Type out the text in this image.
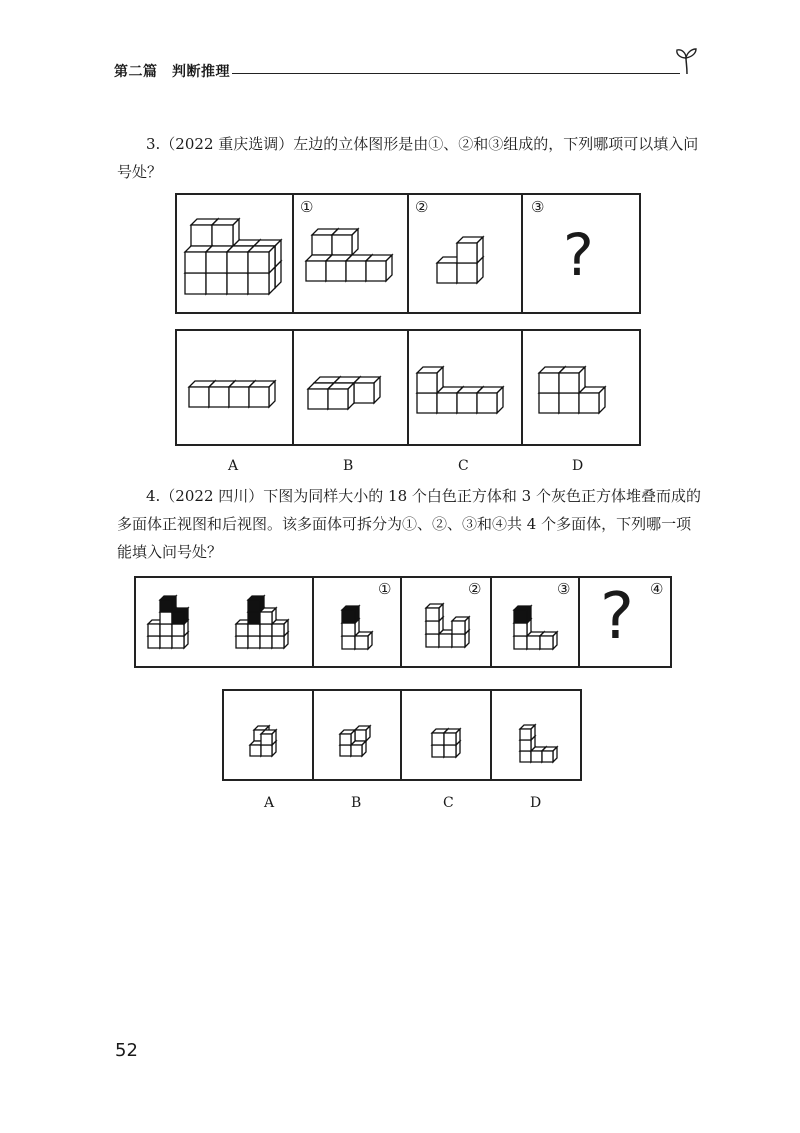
第二篇　判断推理
3.（2022 重庆选调）左边的立体图形是由①、②和③组成的，下列哪项可以填入问号处？
①	②	③
?
A	B	C	D
4.（2022 四川）下图为同样大小的 18 个白色正方体和 3 个灰色正方体堆叠而成的多面体正视图和后视图。该多面体可拆分为①、②、③和④共 4 个多面体，下列哪一项能填入问号处？
①	②	③	④
?
A	B	C	D
52
